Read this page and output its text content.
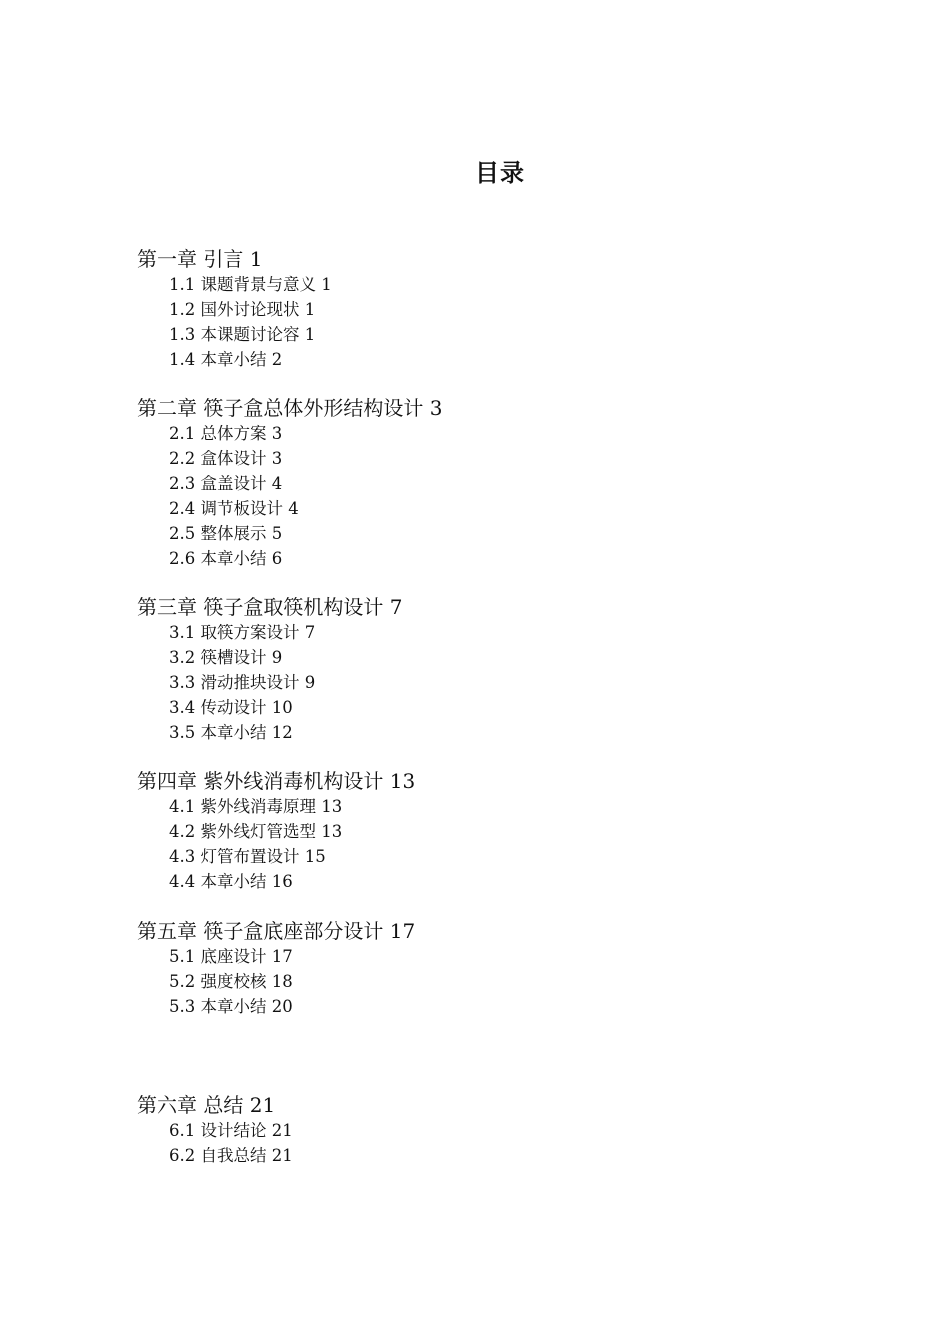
目录
第一章 引言 1
1.1 课题背景与意义 1
1.2 国外讨论现状 1
1.3 本课题讨论容 1
1.4 本章小结 2
第二章 筷子盒总体外形结构设计 3
2.1 总体方案 3
2.2 盒体设计 3
2.3 盒盖设计 4
2.4 调节板设计 4
2.5 整体展示 5
2.6 本章小结 6
第三章 筷子盒取筷机构设计 7
3.1 取筷方案设计 7
3.2 筷槽设计 9
3.3 滑动推块设计 9
3.4 传动设计 10
3.5 本章小结 12
第四章 紫外线消毒机构设计 13
4.1 紫外线消毒原理 13
4.2 紫外线灯管选型 13
4.3 灯管布置设计 15
4.4 本章小结 16
第五章 筷子盒底座部分设计 17
5.1 底座设计 17
5.2 强度校核 18
5.3 本章小结 20
第六章 总结 21
6.1 设计结论 21
6.2 自我总结 21
